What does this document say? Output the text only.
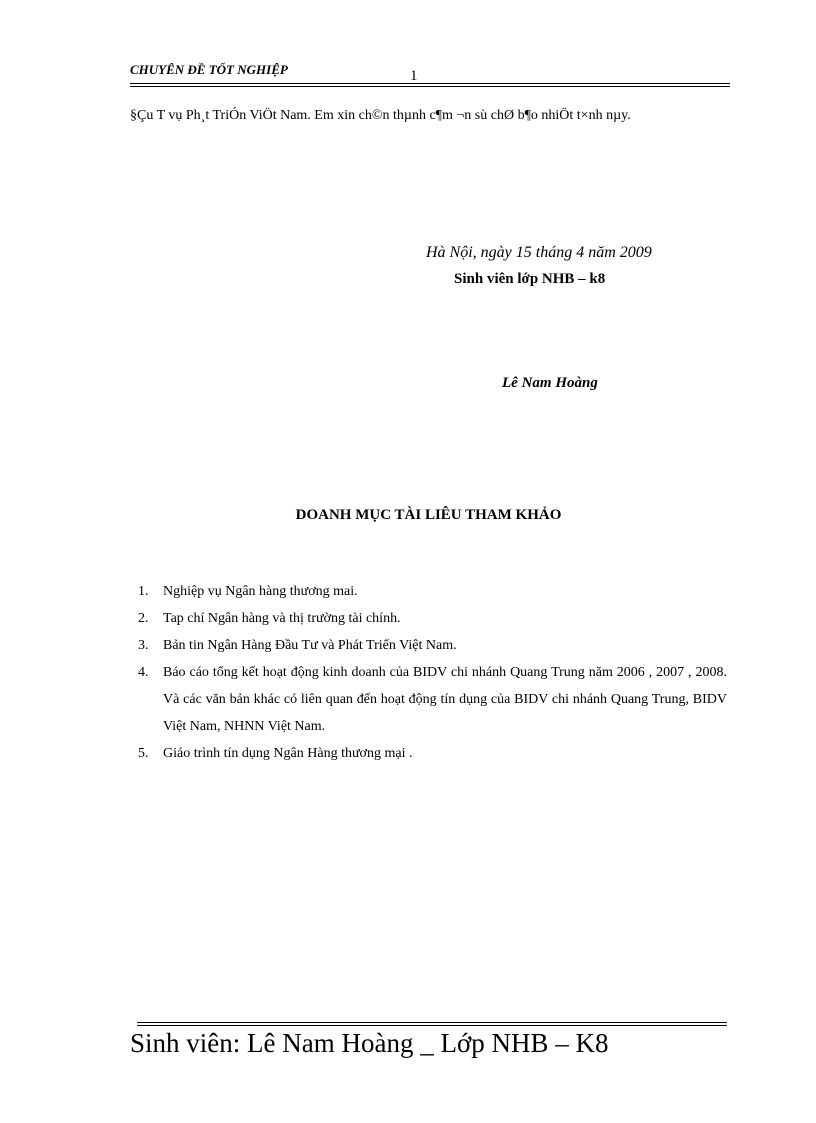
CHUYÊN ĐỀ TỐT NGHIỆP	1
§Çu T vụ Ph¸t TriÓn ViÖt Nam. Em xin ch©n thµnh c¶m ¬n sù chØ b¶o nhiÖt t×nh nµy.
Hà Nội, ngày 15 tháng 4 năm 2009
Sinh viên lớp NHB – k8
Lê Nam Hoàng
DOANH MỤC TÀI LIÊU THAM KHẢO
1. Nghiệp vụ Ngân hàng thương mai.
2. Tap chí Ngân hàng và thị trường tài chính.
3. Bản tin Ngân Hàng Đầu Tư và Phát Triển Việt Nam.
4. Báo cáo tổng kết hoạt động kinh doanh của BIDV chi nhánh Quang Trung năm 2006 , 2007 , 2008. Và các văn bản khác có liên quan đến hoạt động tín dụng của BIDV chi nhánh Quang Trung, BIDV Việt Nam, NHNN Việt Nam.
5. Giáo trình tín dụng Ngân Hàng thương mại .
Sinh viên: Lê Nam Hoàng _ Lớp NHB – K8
